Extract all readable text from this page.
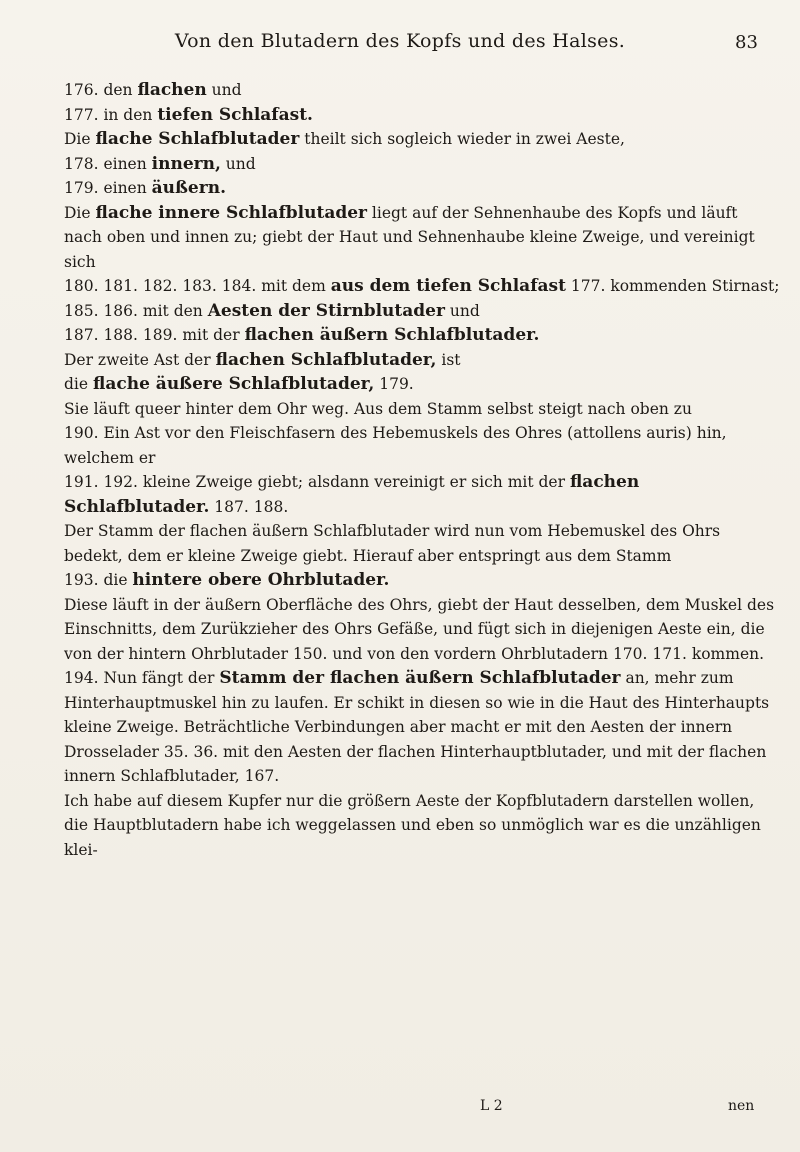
Von den Blutadern des Kopfs und des Halses.	83
176. den flachen und
177. in den tiefen Schlafast.
Die flache Schlafblutader theilt sich sogleich wieder in zwei Aeste,
178. einen innern, und
179. einen äußern.
Die flache innere Schlafblutader liegt auf der Sehnenhaube des Kopfs und läuft nach oben und innen zu; giebt der Haut und Sehnenhaube kleine Zweige, und vereinigt sich
180. 181. 182. 183. 184. mit dem aus dem tiefen Schlafast 177. kommenden Stirnast;
185. 186. mit den Aesten der Stirnblutader und
187. 188. 189. mit der flachen äußern Schlafblutader.
Der zweite Ast der flachen Schlafblutader, ist
die flache äußere Schlafblutader, 179.
Sie läuft queer hinter dem Ohr weg. Aus dem Stamm selbst steigt nach oben zu
190. Ein Ast vor den Fleischfasern des Hebemuskels des Ohres (attollens auris) hin, welchem er
191. 192. kleine Zweige giebt; alsdann vereinigt er sich mit der flachen Schlafblutader. 187. 188.
Der Stamm der flachen äußern Schlafblutader wird nun vom Hebemuskel des Ohrs bedekt, dem er kleine Zweige giebt. Hierauf aber entspringt aus dem Stamm
193. die hintere obere Ohrblutader.
Diese läuft in der äußern Oberfläche des Ohrs, giebt der Haut desselben, dem Muskel des Einschnitts, dem Zurükzieher des Ohrs Gefäße, und fügt sich in diejenigen Aeste ein, die von der hintern Ohrblutader 150. und von den vordern Ohrblutadern 170. 171. kommen.
194. Nun fängt der Stamm der flachen äußern Schlafblutader an, mehr zum Hinterhauptmuskel hin zu laufen. Er schikt in diesen so wie in die Haut des Hinterhaupts kleine Zweige. Beträchtliche Verbindungen aber macht er mit den Aesten der innern Drosselader 35. 36. mit den Aesten der flachen Hinterhauptblutader, und mit der flachen innern Schlafblutader, 167.
Ich habe auf diesem Kupfer nur die größern Aeste der Kopfblutadern darstellen wollen, die Hauptblutadern habe ich weggelassen und eben so unmöglich war es die unzähligen klei-
L 2	nen
